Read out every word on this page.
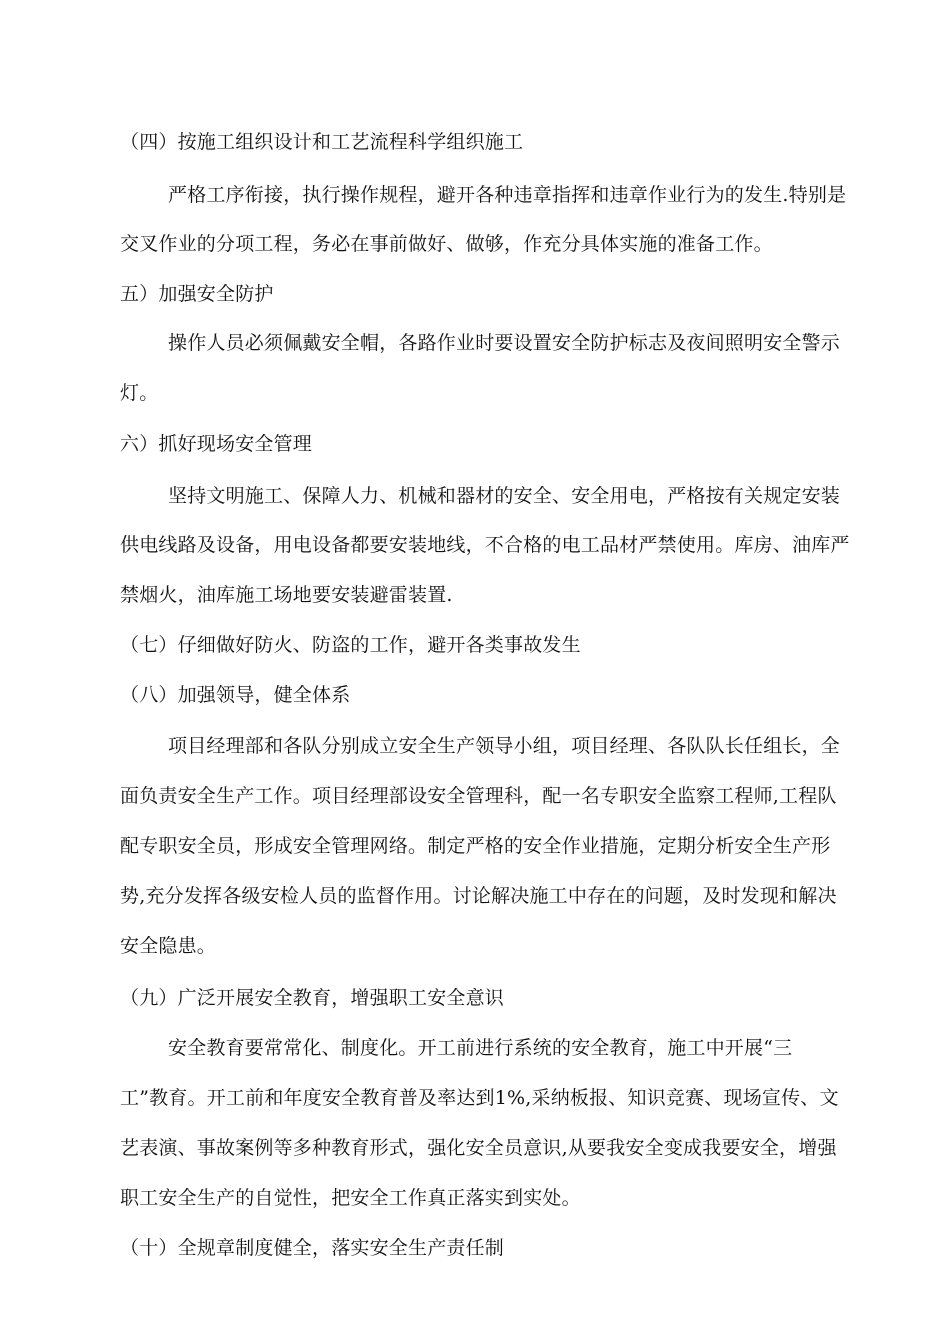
（四）按施工组织设计和工艺流程科学组织施工
严格工序衔接，执行操作规程，避开各种违章指挥和违章作业行为的发生.特别是
交叉作业的分项工程，务必在事前做好、做够，作充分具体实施的准备工作。
五）加强安全防护
操作人员必须佩戴安全帽，各路作业时要设置安全防护标志及夜间照明安全警示
灯。
六）抓好现场安全管理
坚持文明施工、保障人力、机械和器材的安全、安全用电，严格按有关规定安装
供电线路及设备，用电设备都要安装地线，不合格的电工品材严禁使用。库房、油库严
禁烟火，油库施工场地要安装避雷装置.
（七）仔细做好防火、防盗的工作，避开各类事故发生
（八）加强领导，健全体系
项目经理部和各队分别成立安全生产领导小组，项目经理、各队队长任组长，全
面负责安全生产工作。项目经理部设安全管理科，配一名专职安全监察工程师,工程队
配专职安全员，形成安全管理网络。制定严格的安全作业措施，定期分析安全生产形
势,充分发挥各级安检人员的监督作用。讨论解决施工中存在的问题，及时发现和解决
安全隐患。
（九）广泛开展安全教育，增强职工安全意识
安全教育要常常化、制度化。开工前进行系统的安全教育，施工中开展“三
工”教育。开工前和年度安全教育普及率达到1%,采纳板报、知识竞赛、现场宣传、文
艺表演、事故案例等多种教育形式，强化安全员意识,从要我安全变成我要安全，增强
职工安全生产的自觉性，把安全工作真正落实到实处。
（十）全规章制度健全，落实安全生产责任制
